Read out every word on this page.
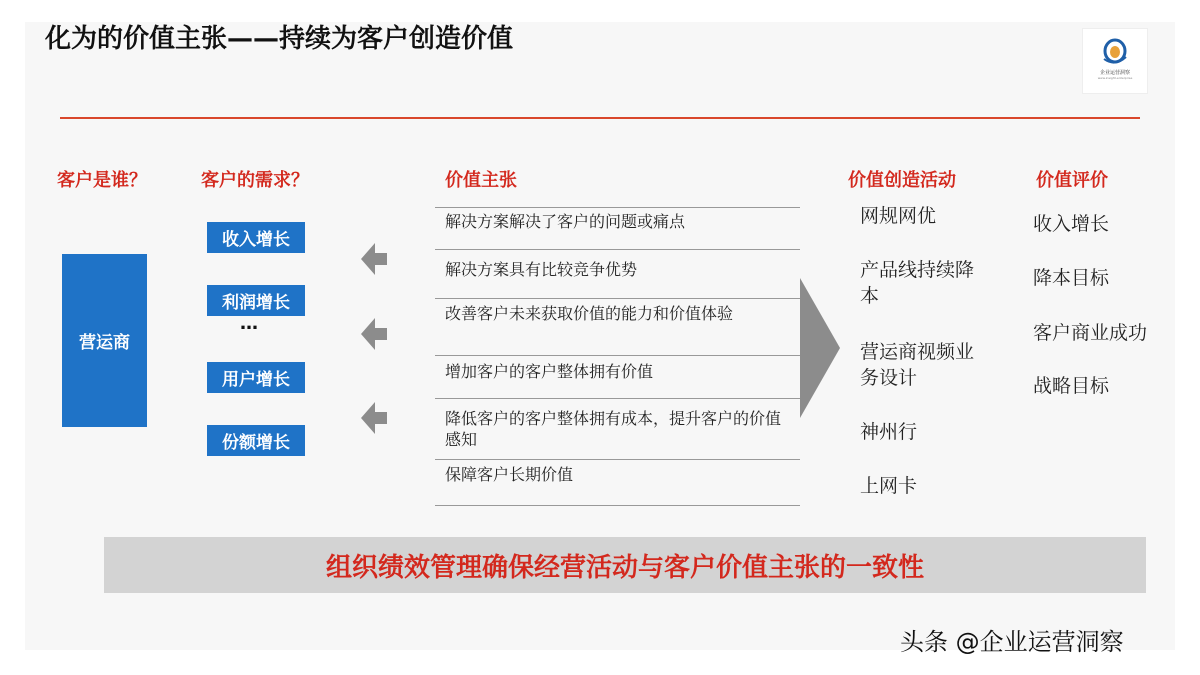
化为的价值主张——持续为客户创造价值
企业运营洞察
www.insight-enterprise
客户是谁？	客户的需求？	价值主张	价值创造活动	价值评价
营运商
收入增长
利润增长
…
用户增长
份额增长
解决方案解决了客户的问题或痛点
解决方案具有比较竞争优势
改善客户未来获取价值的能力和价值体验
增加客户的客户整体拥有价值
降低客户的客户整体拥有成本，提升客户的价值感知
保障客户长期价值
网规网优
产品线持续降本
营运商视频业务设计
神州行
上网卡
收入增长
降本目标
客户商业成功
战略目标
组织绩效管理确保经营活动与客户价值主张的一致性
头条 @企业运营洞察
